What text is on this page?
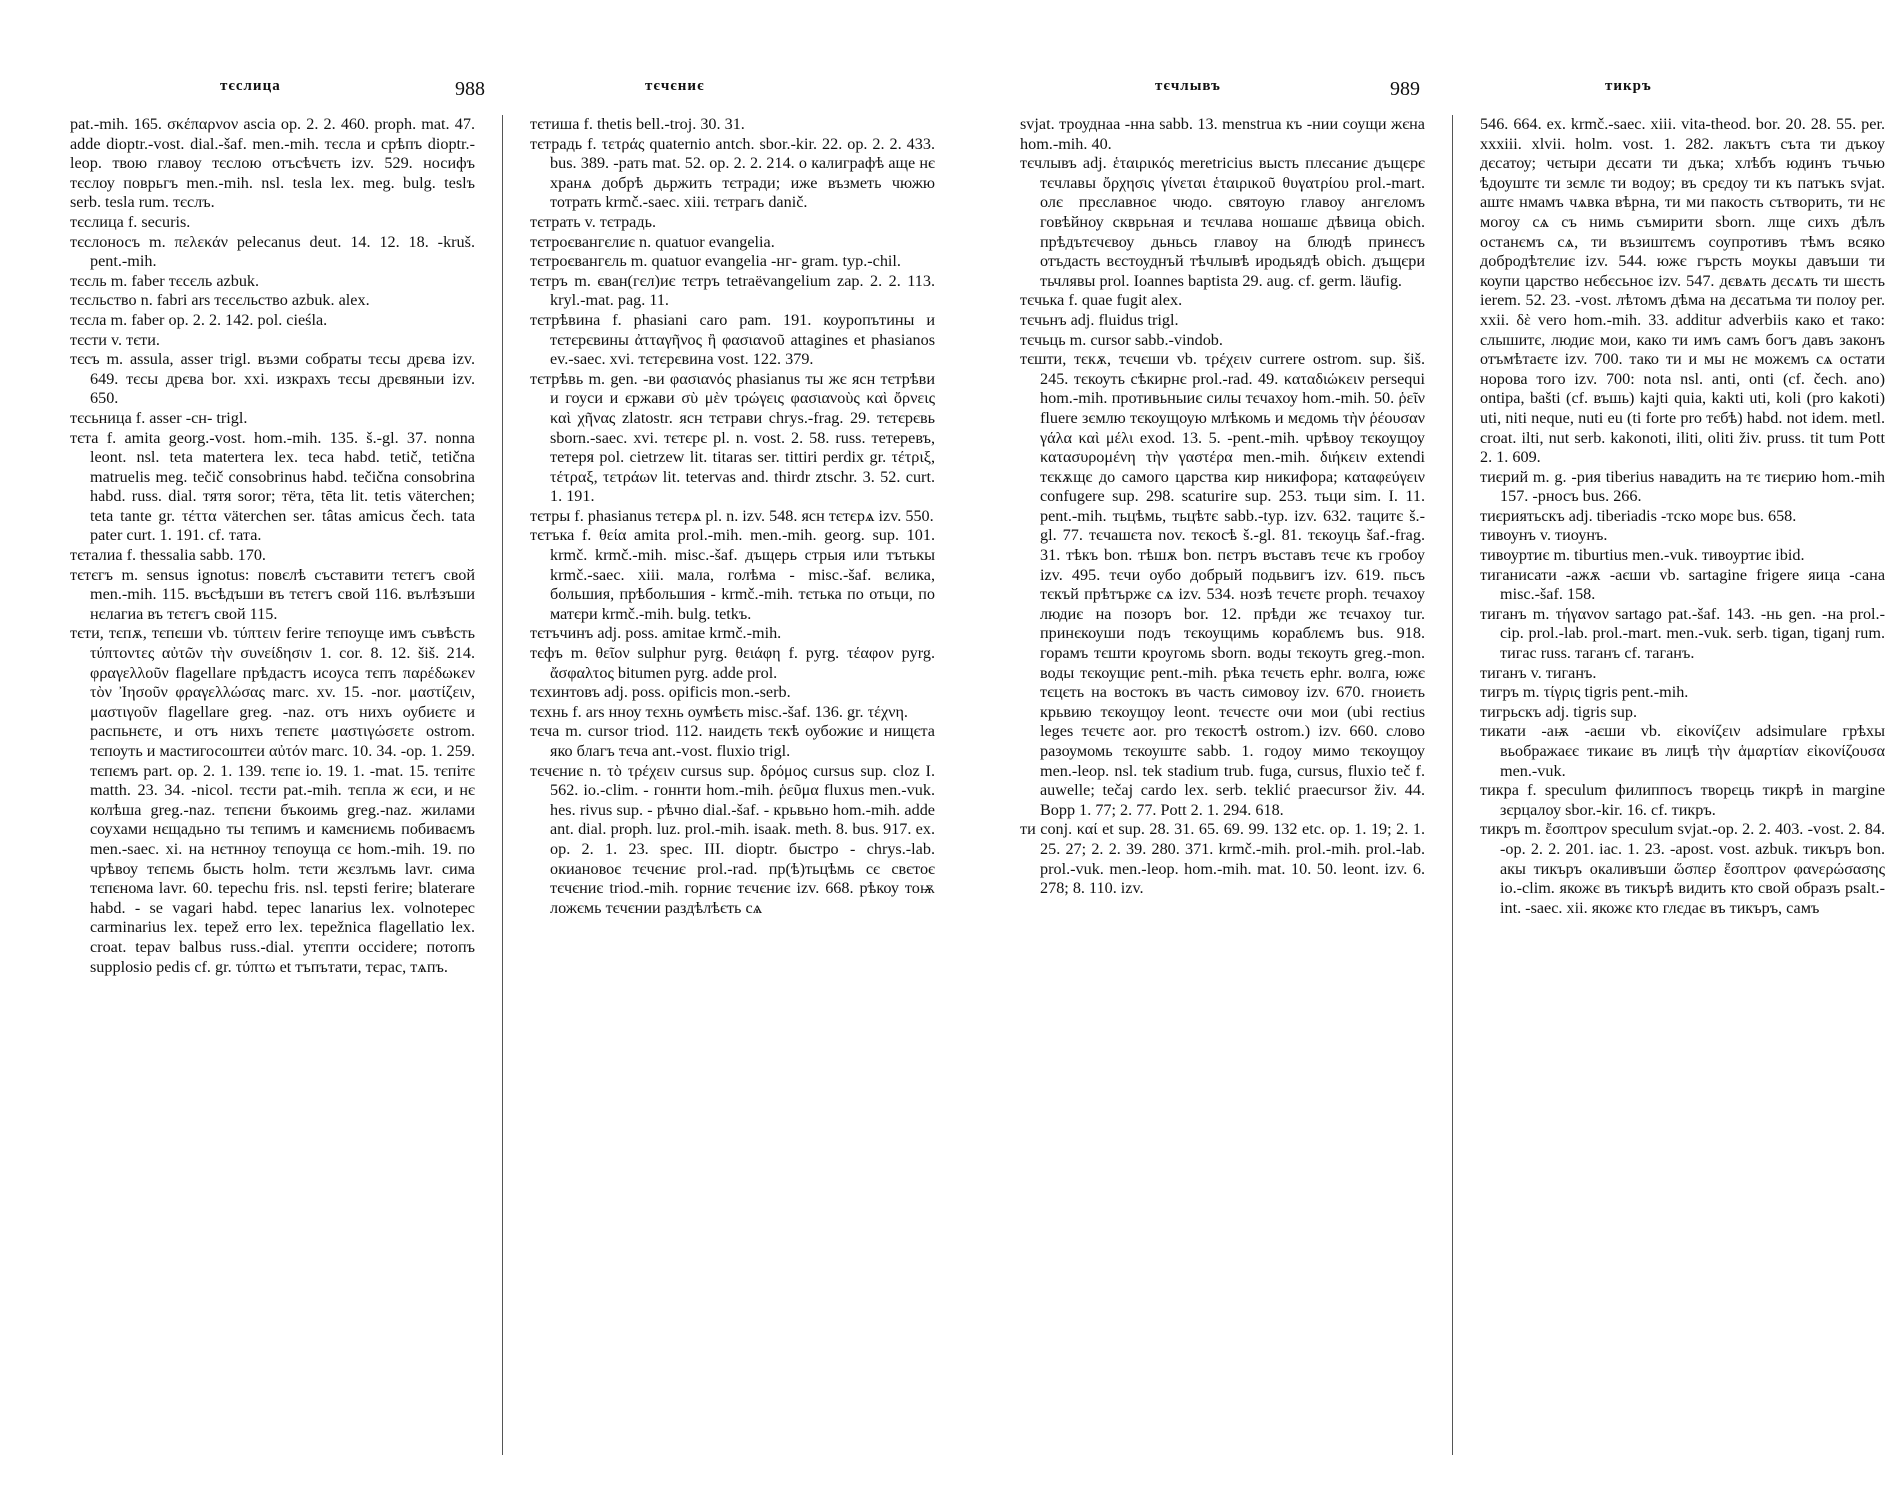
тєслица	988	тєчєниє

pat.-mih. 165. σκέπαρνον ascia op. 2. 2. 460. proph. mat. 47. adde dioptr.-vost. dial.-šaf. men.-mih. тєсла и срѣпъ dioptr.-leop. твою главоу тєслою отъсѣчєть izv. 529. носифъ тєслоу поврьгъ men.-mih. nsl. tesla lex. meg. bulg. teslъ serb. tesla rum. тєслъ.

тєслица f. securis.

тєслоносъ m. πελεκάν pelecanus deut. 14. 12. 18. -kruš. pent.-mih.

тєсль m. faber тєсєль azbuk.

тєсльство n. fabri ars тєсєльство azbuk. alex.

тєсла m. faber op. 2. 2. 142. pol. cieśla.

тєсти v. тєти.

тєсъ m. assula, asser trigl. възми собраты тєсы дрєва izv. 649. тєсы дрєва bor. xxi. изкрахъ тєсы дрєвяныи izv. 650.

тєсьница f. asser -сн- trigl.

тєта f. amita georg.-vost. hom.-mih. 135. š.-gl. 37. nonna leont. nsl. teta matertera lex. teca habd. tetič, tetična matruelis meg. tečič consobrinus habd. tečična consobrina habd. russ. dial. тятя soror; тёта, tētа lit. tetis väterchen; teta tante gr. τέττα väterchen ser. tâtas amicus čech. tata pater curt. 1. 191. cf. тата.

тєталиа f. thessalia sabb. 170.

тєтєгъ m. sensus ignotus: повєлѣ съставити тєтєгъ свой men.-mih. 115. въсѣдъши въ тєтєгъ свой 116. вълѣзъши нєлагиа въ тєтєгъ свой 115.

тєти, тєпѫ, тєпєши vb. τύπτειν ferire тєпоуще имъ съвѣсть τύπτοντες αὐτῶν τὴν συνείδησιν 1. cor. 8. 12. šiš. 214. φραγελλοῦν flagellare прѣдастъ исоуса тєпъ παρέδωκεν τὸν Ἰησοῦν φραγελλώσας marc. xv. 15. -nor. μαστίζειν, μαστιγοῦν flagellare greg. -naz. отъ нихъ оубиєтє и распьнєтє, и отъ нихъ тєпєтє μαστιγώσετε ostrom. тєпоуть и мастигосоштєи αὐτόν marc. 10. 34. -op. 1. 259. тєпємъ part. op. 2. 1. 139. тєпє io. 19. 1. -mat. 15. тєпітє matth. 23. 34. -nicol. тєсти pat.-mih. тєпла ж єси, и нє колѣша greg.-naz. тєпєни бъкоимь greg.-naz. жилами соухами нєщадьно ты тєпимъ и камєниємь побиваємъ men.-saec. xi. на нєтнноу тєпоуща сє hom.-mih. 19. по чрѣвоу тєпємь бысть holm. тєти жєзлъмь lavr. сима тєпєнома lavr. 60. tepechu fris. nsl. tepsti ferire; blaterare habd. - se vagari habd. tepec lanarius lex. volnotepec carminarius lex. tepež erro lex. tepežnica flagellatio lex. croat. tepav balbus russ.-dial. утєпти occidere; потопъ supplosio pedis cf. gr. τύπτω et тъпътати, тєрас, тѧпъ.

тєтиша f. thetis bell.-troj. 30. 31.

тєтрадь f. τετράς quaternio antch. sbor.-kir. 22. op. 2. 2. 433. bus. 389. -рать mat. 52. op. 2. 2. 214. о калиграфѣ аще нє хранѧ добрѣ дьржить тєтради; иже възметь чюжю тотрать krmč.-saec. xiii. тєтрагь danič.

тєтрать v. тєтрадь.

тєтроєвангєлиє n. quatuor evangelia.

тєтроєвангєль m. quatuor evangelia -нг- gram. typ.-chil.

тєтръ m. єван(гєл)иє тєтръ tetraëvangelium zap. 2. 2. 113. kryl.-mat. pag. 11.

тєтрѣвина f. phasiani caro pam. 191. коуропътины и тєтєрєвины ἀτταγῆνος ἢ φασιανοῦ attagines et phasianos ev.-saec. xvi. тєтєрєвина vost. 122. 379.

тєтрѣвь m. gen. -ви φασιανός phasianus ты жє ясн тєтрѣви и гоуси и єржави σὺ μὲν τρώγεις φασιανοὺς καὶ ὄρνεις καὶ χῆνας zlatostr. ясн тєтрави chrys.-frag. 29. тєтєрєвь sborn.-saec. xvi. тєтєрє pl. n. vost. 2. 58. russ. тетеревъ, тетеря pol. cietrzew lit. titaras ser. tittiri perdix gr. τέτριξ, τέτραξ, τετράων lit. tetervas and. thirdr ztschr. 3. 52. curt. 1. 191.

тєтры f. phasianus тєтєрѧ pl. n. izv. 548. ясн тєтєрѧ izv. 550.

тєтъка f. θεία amita prol.-mih. men.-mih. georg. sup. 101. krmč. krmč.-mih. misc.-šaf. дъщерь стрыя или тътькы krmč.-saec. xiii. мала, голѣма - misc.-šaf. вєлика, большия, прѣбольшия - krmč.-mih. тєтька по отьци, по матєри krmč.-mih. bulg. tetkъ.

тєтъчинъ adj. poss. amitae krmč.-mih.

тєфъ m. θεῖον sulphur pyrg. θειάφη f. pyrg. τέαφον pyrg. ἄσφαλτος bitumen pyrg. adde prol.

тєхинтовъ adj. poss. opificis mon.-serb.

тєхнь f. ars нноу тєхнь оумѣєть misc.-šaf. 136. gr. τέχνη.

тєча m. cursor triod. 112. наидєть тєкѣ оубожиє и нищєта яко благъ тєча ant.-vost. fluxio trigl.

тєчєниє n. τὸ τρέχειν cursus sup. δρόμος cursus sup. cloz I. 562. io.-clim. - гоннти hom.-mih. ῥεῦμα fluxus men.-vuk. hes. rivus sup. - рѣчно dial.-šaf. - крьвьно hom.-mih. adde ant. dial. proph. luz. prol.-mih. isaak. meth. 8. bus. 917. ex. op. 2. 1. 23. spec. III. dioptr. быстро - chrys.-lab. окиановоє тєчєниє prol.-rad. пр(ѣ)тьцѣмь сє свєтоє тєчєниє triod.-mih. горниє тєчєниє izv. 668. рѣкоу тоѭ ложємь тєчєнии раздѣлѣєть сѧ

тєчлывъ	989	тикръ

svjat. троуднаа -нна sabb. 13. menstrua къ -нии соущи жєна hom.-mih. 40.

тєчлывъ adj. ἑταιρικός meretricius высть плєсаниє дъщєрє тєчлавы ὄρχησις γίνεται ἑταιρικοῦ θυγατρίου prol.-mart. олє прєславноє чюдо. святоую главоу ангєломъ говѣйноу скврьная и тєчлава ношашє дѣвица obich. прѣдътєчєвоу дьньсь главоу на блюдѣ принєсъ отъдасть вєстоуднъй тѣчлывѣ иродьядѣ obich. дъщєри тьчлявы prol. Ioannes baptista 29. aug. cf. germ. läufig.

тєчька f. quae fugit alex.

тєчьнъ adj. fluidus trigl.

тєчьць m. cursor sabb.-vindob.

тєшти, тєкѫ, тєчєши vb. τρέχειν currere ostrom. sup. šiš. 245. тєкоуть сѣкирнє prol.-rad. 49. καταδιώκειν persequi hom.-mih. противьныиє силы тєчахоу hom.-mih. 50. ῥεῖν fluere зємлю тєкоущоую млѣкомь и мєдомь τὴν ῥέουσαν γάλα καὶ μέλι exod. 13. 5. -pent.-mih. чрѣвоу тєкоущоу κατασυρομένη τὴν γαστέρα men.-mih. διήκειν extendi тєкѫщє до самого царства кир никифора; καταφεύγειν confugere sup. 298. scaturire sup. 253. тьци sim. I. 11. pent.-mih. тьцѣмь, тьцѣтє sabb.-typ. izv. 632. тацитє š.-gl. 77. тєчашєта nov. тєкосѣ š.-gl. 81. тєкоуць šaf.-frag. 31. тѣкъ bon. тѣшѫ bon. пєтръ въставъ тєчє къ гробоу izv. 495. тєчи оубо добрый подьвигъ izv. 619. пьсъ тєкъй прѣтържє сѧ izv. 534. нозѣ тєчєтє proph. тєчахоу людиє на позоръ bor. 12. прѣди жє тєчахоу tur. принєкоуши подъ тєкоущимь кораблємъ bus. 918. горамъ тєшти кроугомь sborn. воды тєкоуть greg.-mon. воды тєкоущиє pent.-mih. рѣка тєчєть ephr. волга, южє тєцєть на востокъ въ часть симовоу izv. 670. гноиєть крьвию тєкоущоу leont. тєчєстє очи мои (ubi rectius leges тєчєтє aor. pro тєкостѣ ostrom.) izv. 660. слово разоумомь тєкоуштє sabb. 1. годоу мимо тєкоущоу men.-leop. nsl. tek stadium trub. fuga, cursus, fluxio teč f. auwelle; tečaj cardo lex. serb. teklić praecursor živ. 44. Bopp 1. 77; 2. 77. Pott 2. 1. 294. 618.

ти conj. καί et sup. 28. 31. 65. 69. 99. 132 etc. op. 1. 19; 2. 1. 25. 27; 2. 2. 39. 280. 371. krmč.-mih. prol.-mih. prol.-lab. prol.-vuk. men.-leop. hom.-mih. mat. 10. 50. leont. izv. 6. 278; 8. 110. izv.

546. 664. ex. krmč.-saec. xiii. vita-theod. bor. 20. 28. 55. per. xxxiii. xlvii. holm. vost. 1. 282. лакътъ съта ти дъкоу дєсатоу; чєтыри дєсати ти дъка; хлѣбъ юдинъ тъчью ѣдоуштє ти зємлє ти водоу; въ срєдоу ти къ патъкъ svjat. аштє нмамъ чѧвка вѣрна, ти ми пакость сътворить, ти нє могоу сѧ съ нимь съмирити sborn. лще сихъ дѣлъ останємъ сѧ, ти възиштємъ соупротивъ тѣмъ всяко добродѣтєлиє izv. 544. южє гърсть моукы давъши ти коупи царство нєбєсьноє izv. 547. дєвѧть дєсѧть ти шєсть ierem. 52. 23. -vost. лѣтомъ дѣма на дєсатьма ти полоу per. xxii. δὲ vero hom.-mih. 33. additur adverbiis како et тако: слышитє, людиє мои, како ти имъ самъ богъ давъ законъ отъмѣтаєтє izv. 700. тако ти и мы нє можємъ сѧ остати норова того izv. 700: nota nsl. anti, onti (cf. čech. ano) ontipa, bašti (cf. въшь) kajti quia, kakti uti, koli (pro kakoti) uti, niti neque, nuti eu (ti forte pro тєбѣ) habd. not idem. metl. croat. ilti, nut serb. kakonoti, iliti, oliti živ. pruss. tit tum Pott 2. 1. 609.

тиєрий m. g. -рия tiberius навадить на тє тиєрию hom.-mih 157. -рносъ bus. 266.

тиєриятьскъ adj. tiberiadis -тско морє bus. 658.

тивоунъ v. тиоунъ.

тивоуртиє m. tiburtius men.-vuk. тивоуртиє ibid.

тиганисати -ажѫ -аєши vb. sartagine frigere яица -сана misc.-šaf. 158.

тиганъ m. τήγανον sartago pat.-šaf. 143. -нь gen. -на prol.-cip. prol.-lab. prol.-mart. men.-vuk. serb. tigan, tiganj rum. тигаc russ. таганъ cf. таганъ.

тиганъ v. тиганъ.

тигръ m. τίγρις tigris pent.-mih.

тигрьскъ adj. tigris sup.

тикати -аѭ -аєши vb. εἰκονίζειν adsimulare грѣхы вьображаєє тикаиє въ лицѣ τὴν ἁμαρτίαν εἰκονίζουσα men.-vuk.

тикра f. speculum филиппосъ творєць тикрѣ in margine зєрцалоу sbor.-kir. 16. cf. тикръ.

тикръ m. ἔσοπτρον speculum svjat.-op. 2. 2. 403. -vost. 2. 84. -op. 2. 2. 201. iac. 1. 23. -apost. vost. azbuk. тикъръ bon. акы тикъръ окаливъши ὥσπερ ἔσοπτρον φανερώσασης io.-clim. якожє въ тикърѣ видить кто свой образъ psalt.-int. -saec. xii. якожє кто глєдає въ тикъръ, самъ
